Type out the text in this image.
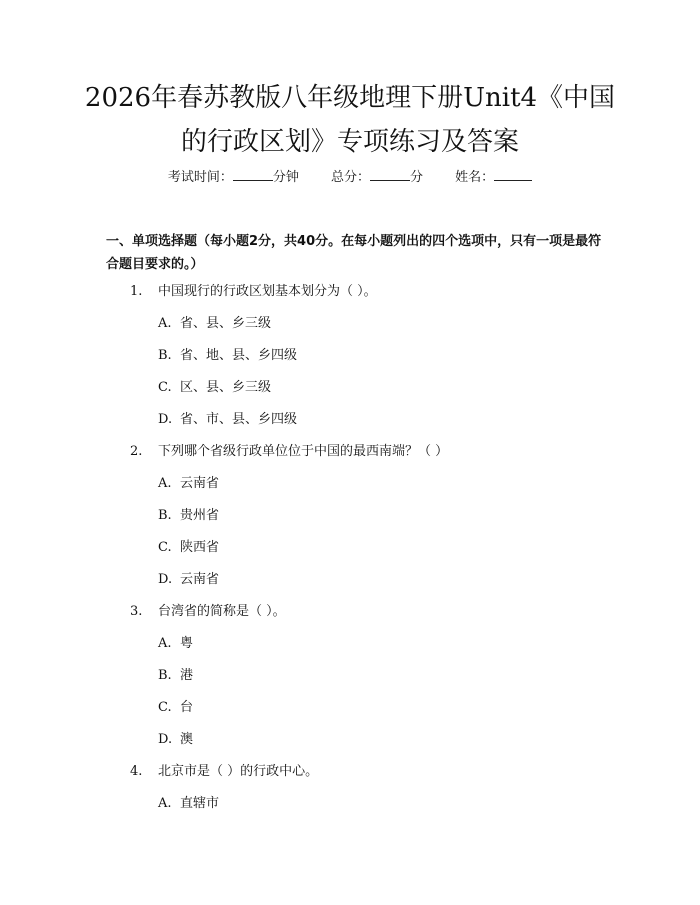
2026年春苏教版八年级地理下册Unit4《中国的行政区划》专项练习及答案
考试时间：	分钟 总分：	分 姓名：
一、单项选择题（每小题2分，共40分。在每小题列出的四个选项中，只有一项是最符合题目要求的。）
1. 中国现行的行政区划基本划分为（ ）。
A. 省、县、乡三级
B. 省、地、县、乡四级
C. 区、县、乡三级
D. 省、市、县、乡四级
2. 下列哪个省级行政单位位于中国的最西南端？（ ）
A. 云南省
B. 贵州省
C. 陕西省
D. 云南省
3. 台湾省的简称是（ ）。
A. 粤
B. 港
C. 台
D. 澳
4. 北京市是（ ）的行政中心。
A. 直辖市
